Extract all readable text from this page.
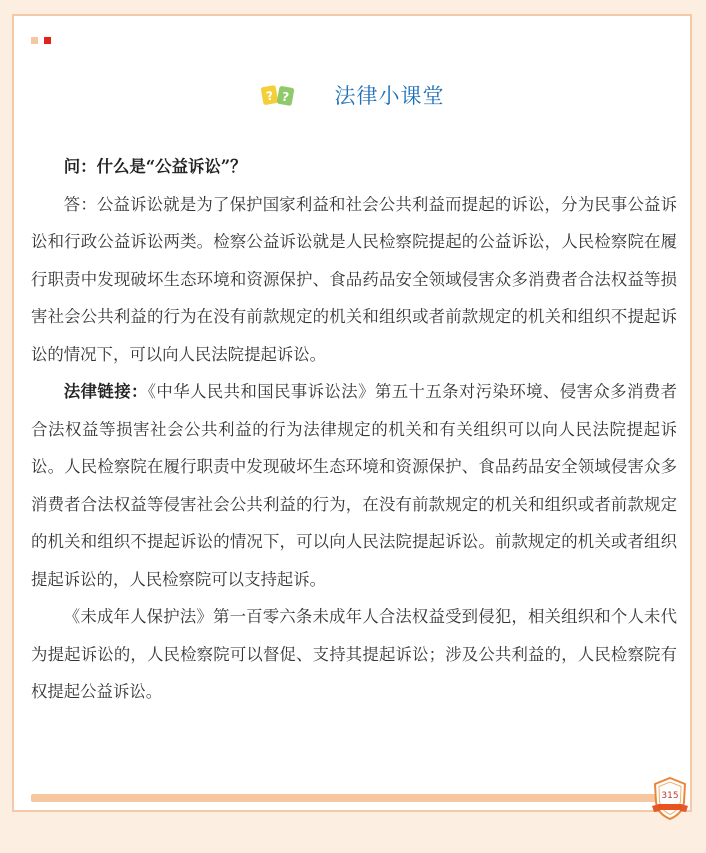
? ? 法律小课堂

问：什么是“公益诉讼”？

答：公益诉讼就是为了保护国家利益和社会公共利益而提起的诉讼，分为民事公益诉讼和行政公益诉讼两类。检察公益诉讼就是人民检察院提起的公益诉讼，人民检察院在履行职责中发现破坏生态环境和资源保护、食品药品安全领域侵害众多消费者合法权益等损害社会公共利益的行为在没有前款规定的机关和组织或者前款规定的机关和组织不提起诉讼的情况下，可以向人民法院提起诉讼。

法律链接：《中华人民共和国民事诉讼法》第五十五条对污染环境、侵害众多消费者合法权益等损害社会公共利益的行为法律规定的机关和有关组织可以向人民法院提起诉讼。人民检察院在履行职责中发现破坏生态环境和资源保护、食品药品安全领域侵害众多消费者合法权益等侵害社会公共利益的行为，在没有前款规定的机关和组织或者前款规定的机关和组织不提起诉讼的情况下，可以向人民法院提起诉讼。前款规定的机关或者组织提起诉讼的，人民检察院可以支持起诉。

《未成年人保护法》第一百零六条未成年人合法权益受到侵犯，相关组织和个人未代为提起诉讼的，人民检察院可以督促、支持其提起诉讼；涉及公共利益的，人民检察院有权提起公益诉讼。

315
